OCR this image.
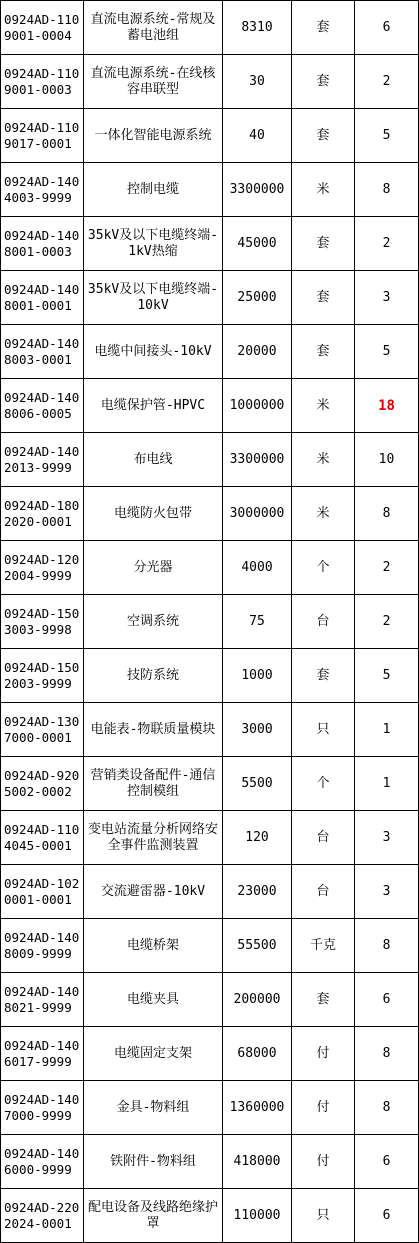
0924AD-1109001-0004	直流电源系统-常规及蓄电池组	8310	套	6
0924AD-1109001-0003	直流电源系统-在线核容串联型	30	套	2
0924AD-1109017-0001	一体化智能电源系统	40	套	5
0924AD-1404003-9999	控制电缆	3300000	米	8
0924AD-1408001-0003	35kV及以下电缆终端-1kV热缩	45000	套	2
0924AD-1408001-0001	35kV及以下电缆终端-10kV	25000	套	3
0924AD-1408003-0001	电缆中间接头-10kV	20000	套	5
0924AD-1408006-0005	电缆保护管-HPVC	1000000	米	18
0924AD-1402013-9999	布电线	3300000	米	10
0924AD-1802020-0001	电缆防火包带	3000000	米	8
0924AD-1202004-9999	分光器	4000	个	2
0924AD-1503003-9998	空调系统	75	台	2
0924AD-1502003-9999	技防系统	1000	套	5
0924AD-1307000-0001	电能表-物联质量模块	3000	只	1
0924AD-9205002-0002	营销类设备配件-通信控制模组	5500	个	1
0924AD-1104045-0001	变电站流量分析网络安全事件监测装置	120	台	3
0924AD-1020001-0001	交流避雷器-10kV	23000	台	3
0924AD-1408009-9999	电缆桥架	55500	千克	8
0924AD-1408021-9999	电缆夹具	200000	套	6
0924AD-1406017-9999	电缆固定支架	68000	付	8
0924AD-1407000-9999	金具-物料组	1360000	付	8
0924AD-1406000-9999	铁附件-物料组	418000	付	6
0924AD-2202024-0001	配电设备及线路绝缘护罩	110000	只	6
